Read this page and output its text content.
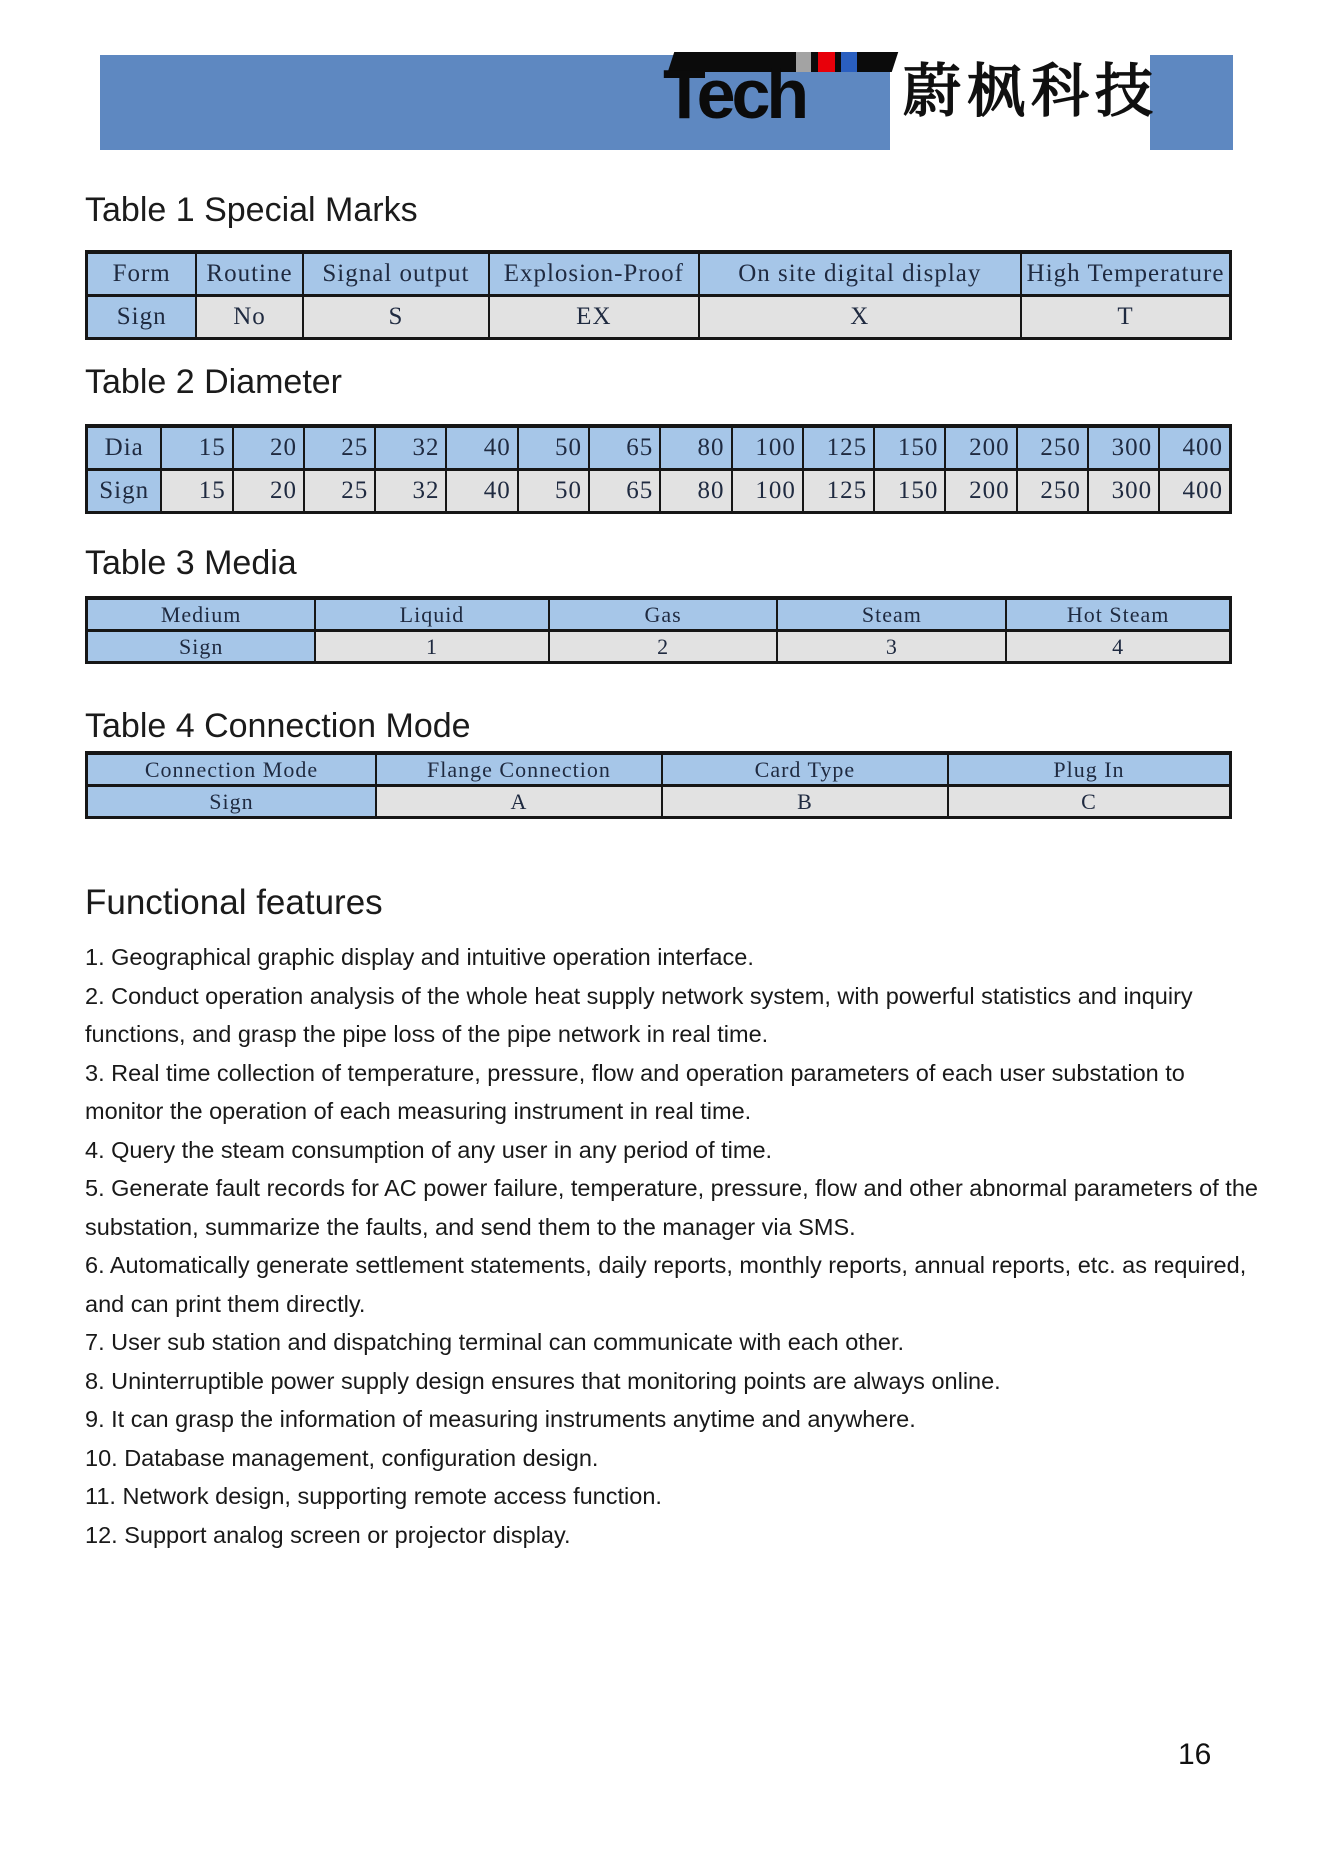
Tech 蔚枫科技
Table 1 Special Marks
Form	Routine	Signal output	Explosion-Proof	On site digital display	High Temperature
Sign	No	S	EX	X	T
Table 2 Diameter
Dia	15	20	25	32	40	50	65	80	100	125	150	200	250	300	400
Sign	15	20	25	32	40	50	65	80	100	125	150	200	250	300	400
Table 3 Media
Medium	Liquid	Gas	Steam	Hot Steam
Sign	1	2	3	4
Table 4 Connection Mode
Connection Mode	Flange Connection	Card Type	Plug In
Sign	A	B	C
Functional features

1. Geographical graphic display and intuitive operation interface.

2. Conduct operation analysis of the whole heat supply network system, with powerful statistics and inquiry functions, and grasp the pipe loss of the pipe network in real time.

3. Real time collection of temperature, pressure, flow and operation parameters of each user substation to monitor the operation of each measuring instrument in real time.

4. Query the steam consumption of any user in any period of time.

5. Generate fault records for AC power failure, temperature, pressure, flow and other abnormal parameters of the substation, summarize the faults, and send them to the manager via SMS.

6. Automatically generate settlement statements, daily reports, monthly reports, annual reports, etc. as required, and can print them directly.

7. User sub station and dispatching terminal can communicate with each other.

8. Uninterruptible power supply design ensures that monitoring points are always online.

9. It can grasp the information of measuring instruments anytime and anywhere.

10. Database management, configuration design.

11. Network design, supporting remote access function.

12. Support analog screen or projector display.

16
